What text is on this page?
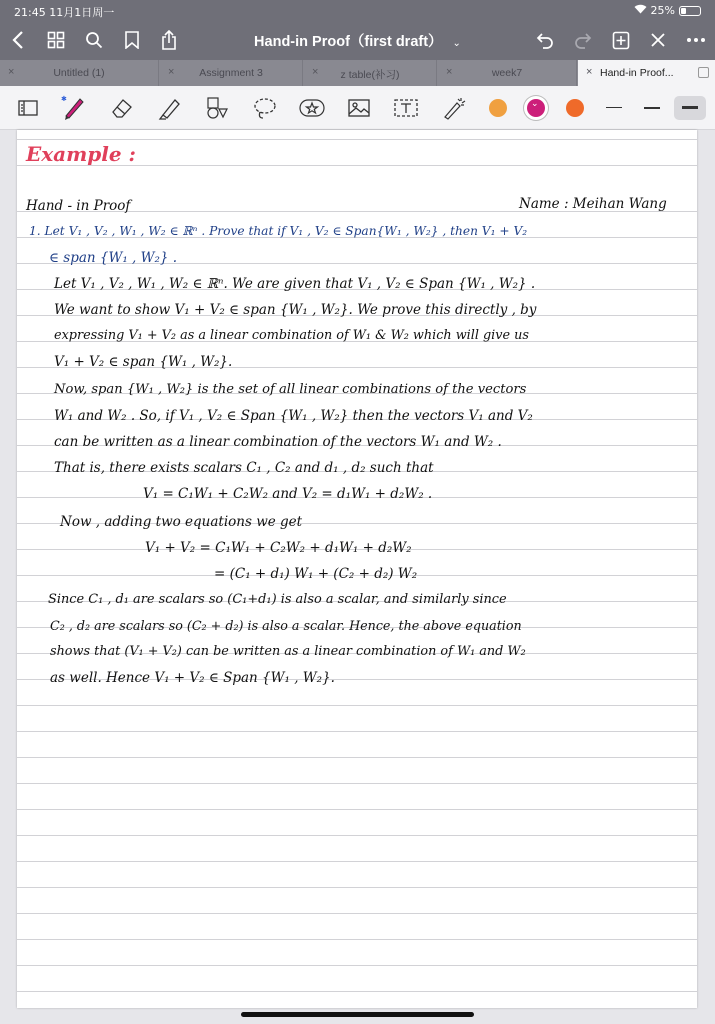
21:45 11月1日周一	25%
Hand-in Proof（first draft） ⌄
×	Untitled (1)	×	Assignment 3	×	z table(补习)	×	week7	× Hand-in Proof...
✱	⌄
Example :
Hand - in Proof	Name : Meihan Wang
1. Let V₁ , V₂ , W₁ , W₂ ∈ ℝⁿ . Prove that if V₁ , V₂ ∈ Span{W₁ , W₂} , then V₁ + V₂
∈ span {W₁ , W₂} .
Let V₁ , V₂ , W₁ , W₂ ∈ ℝⁿ. We are given that V₁ , V₂ ∈ Span {W₁ , W₂} .
We want to show V₁ + V₂ ∈ span {W₁ , W₂}. We prove this directly , by
expressing V₁ + V₂ as a linear combination of W₁ & W₂ which will give us
V₁ + V₂ ∈ span {W₁ , W₂}.
Now, span {W₁ , W₂} is the set of all linear combinations of the vectors
W₁ and W₂ . So, if V₁ , V₂ ∈ Span {W₁ , W₂} then the vectors V₁ and V₂
can be written as a linear combination of the vectors W₁ and W₂ .
That is, there exists scalars C₁ , C₂ and d₁ , d₂ such that
V₁ = C₁W₁ + C₂W₂ and V₂ = d₁W₁ + d₂W₂ .
Now , adding two equations we get
V₁ + V₂ = C₁W₁ + C₂W₂ + d₁W₁ + d₂W₂
= (C₁ + d₁) W₁ + (C₂ + d₂) W₂
Since C₁ , d₁ are scalars so (C₁+d₁) is also a scalar, and similarly since
C₂ , d₂ are scalars so (C₂ + d₂) is also a scalar. Hence, the above equation
shows that (V₁ + V₂) can be written as a linear combination of W₁ and W₂
as well. Hence V₁ + V₂ ∈ Span {W₁ , W₂}.
